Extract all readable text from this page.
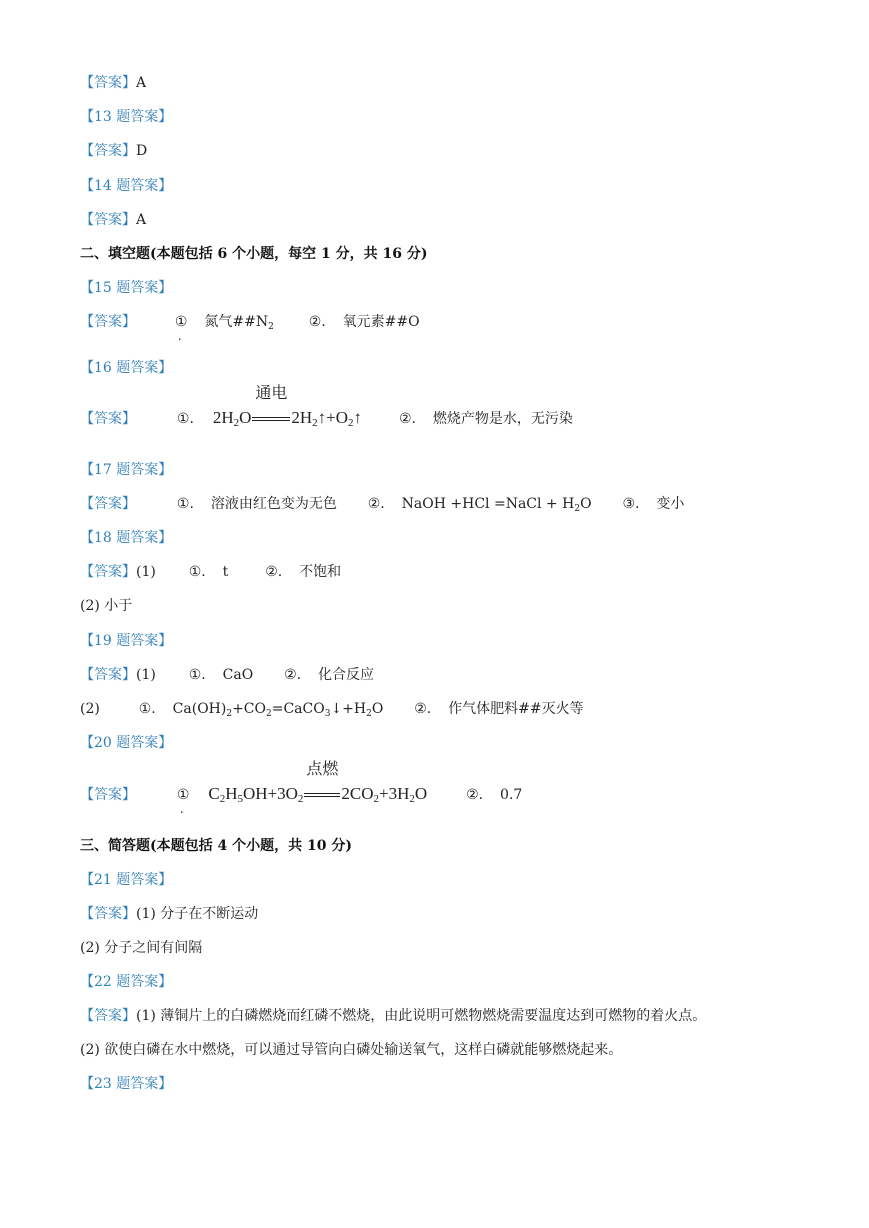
【答案】A
【13 题答案】
【答案】D
【14 题答案】
【答案】A
二、填空题(本题包括 6 个小题，每空 1 分，共 16 分)
【15 题答案】
【答案】	① . 氮气$\#\#N_2$ ②. 氧元素##O
【16 题答案】
【答案】	①. $2H_2O$
通电
$2H_2↑+O_2↑$	②. 燃烧产物是水，无污染
【17 题答案】
【答案】	①. 溶液由红色变为无色 ②. NaOH +HCl =NaCl + $H_2O$ ③. 变小
【18 题答案】
【答案】(1) ①. t	②. 不饱和
(2) 小于
【19 题答案】
【答案】(1) ①. CaO ②. 化合反应
(2)	①. $Ca(OH)_2+CO_2=CaCO_3↓+H_2O$ ②. 作气体肥料##灭火等
【20 题答案】
【答案】	① . $C_2H_5OH+3O_2$
点燃
$2CO_2+3H_2O$	②. 0.7
三、简答题(本题包括 4 个小题，共 10 分)
【21 题答案】
【答案】(1) 分子在不断运动
(2) 分子之间有间隔
【22 题答案】
【答案】(1) 薄铜片上的白磷燃烧而红磷不燃烧，由此说明可燃物燃烧需要温度达到可燃物的着火点。
(2) 欲使白磷在水中燃烧，可以通过导管向白磷处输送氧气，这样白磷就能够燃烧起来。
【23 题答案】
